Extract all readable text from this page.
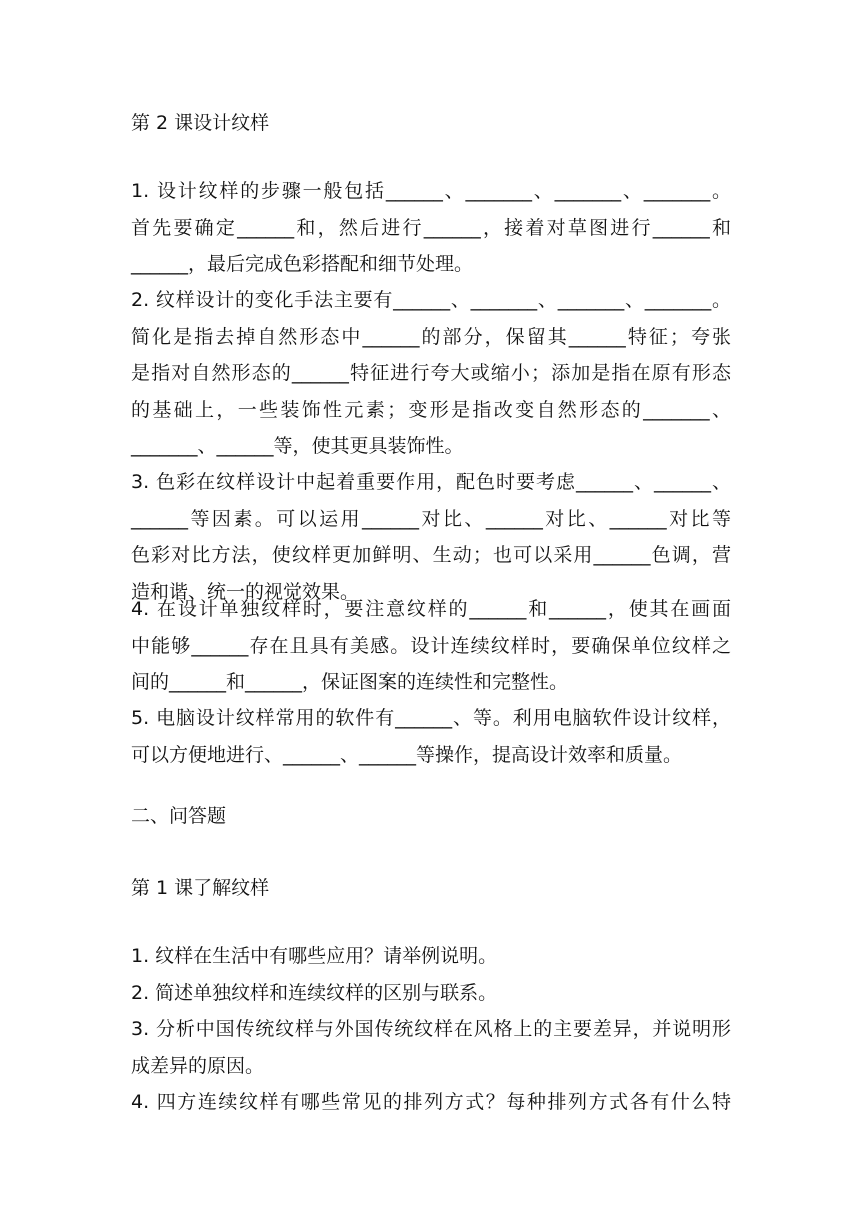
第 2 课设计纹样
1. 设计纹样的步骤一般包括______、_______、_______、_______。
首先要确定______和，然后进行______，接着对草图进行______和
______，最后完成色彩搭配和细节处理。
2. 纹样设计的变化手法主要有______、_______、_______、_______。
简化是指去掉自然形态中______的部分，保留其______特征；夸张
是指对自然形态的______特征进行夸大或缩小；添加是指在原有形态
的基础上，一些装饰性元素；变形是指改变自然形态的_______、
_______、______等，使其更具装饰性。
3. 色彩在纹样设计中起着重要作用，配色时要考虑______、______、
______等因素。可以运用______对比、______对比、______对比等
色彩对比方法，使纹样更加鲜明、生动；也可以采用______色调，营
造和谐、统一的视觉效果。
4. 在设计单独纹样时，要注意纹样的______和______，使其在画面
中能够______存在且具有美感。设计连续纹样时，要确保单位纹样之
间的______和______，保证图案的连续性和完整性。
5. 电脑设计纹样常用的软件有______、等。利用电脑软件设计纹样，
可以方便地进行、______、______等操作，提高设计效率和质量。
二、问答题
第 1 课了解纹样
1. 纹样在生活中有哪些应用？请举例说明。
2. 简述单独纹样和连续纹样的区别与联系。
3. 分析中国传统纹样与外国传统纹样在风格上的主要差异，并说明形
成差异的原因。
4. 四方连续纹样有哪些常见的排列方式？每种排列方式各有什么特
